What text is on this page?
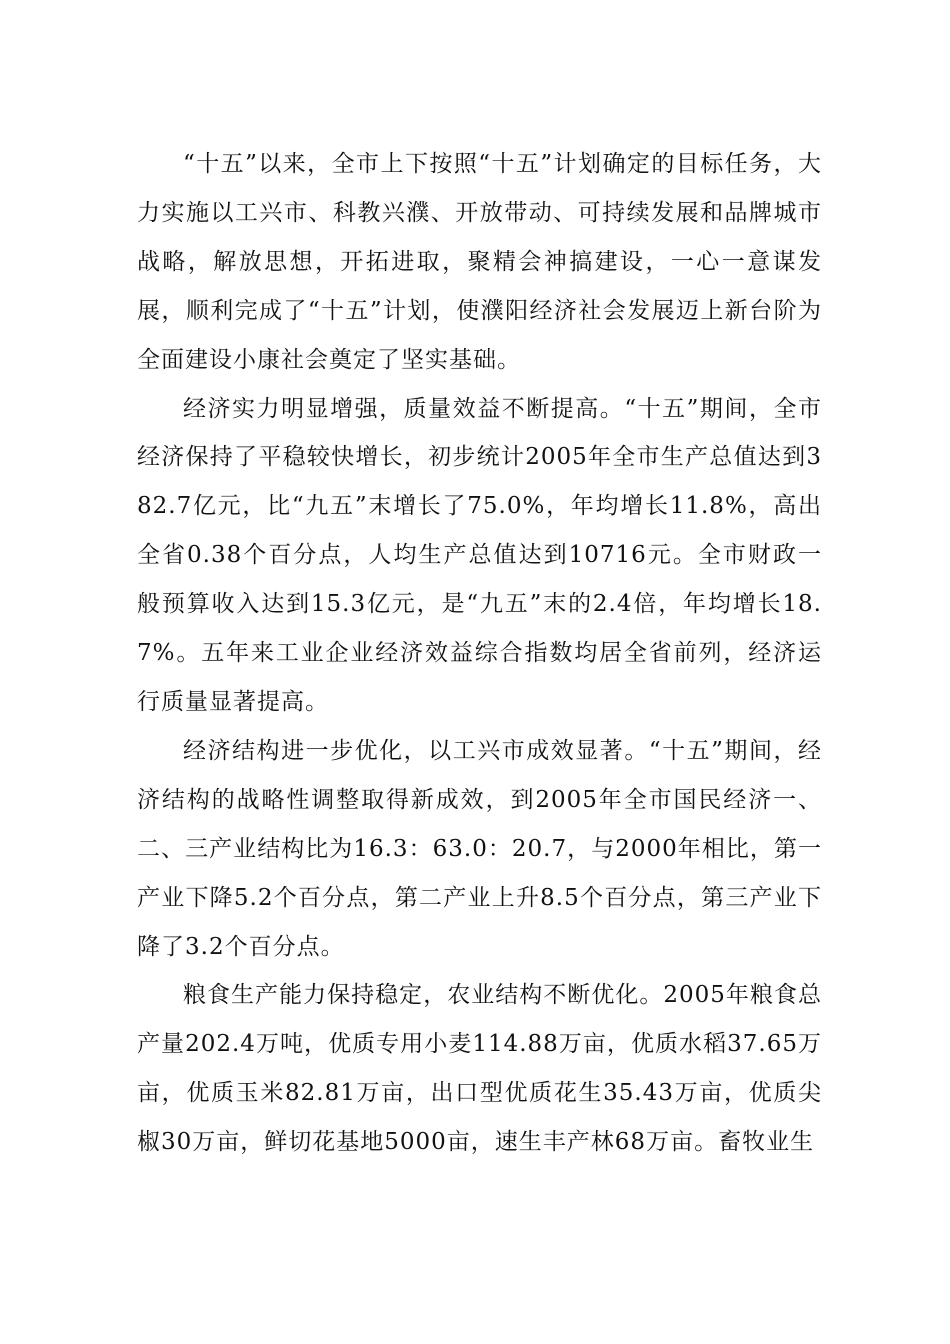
“十五”以来，全市上下按照“十五”计划确定的目标任务，大力实施以工兴市、科教兴濮、开放带动、可持续发展和品牌城市战略，解放思想，开拓进取，聚精会神搞建设，一心一意谋发展，顺利完成了“十五”计划，使濮阳经济社会发展迈上新台阶为全面建设小康社会奠定了坚实基础。

经济实力明显增强，质量效益不断提高。“十五”期间，全市经济保持了平稳较快增长，初步统计2005年全市生产总值达到382.7亿元，比“九五”末增长了75.0%，年均增长11.8%，高出全省0.38个百分点，人均生产总值达到10716元。全市财政一般预算收入达到15.3亿元，是“九五”末的2.4倍，年均增长18.7%。五年来工业企业经济效益综合指数均居全省前列，经济运行质量显著提高。

经济结构进一步优化，以工兴市成效显著。“十五”期间，经济结构的战略性调整取得新成效，到2005年全市国民经济一、二、三产业结构比为16.3：63.0：20.7，与2000年相比，第一产业下降5.2个百分点，第二产业上升8.5个百分点，第三产业下降了3.2个百分点。

粮食生产能力保持稳定，农业结构不断优化。2005年粮食总产量202.4万吨，优质专用小麦114.88万亩，优质水稻37.65万亩，优质玉米82.81万亩，出口型优质花生35.43万亩，优质尖椒30万亩，鲜切花基地5000亩，速生丰产林68万亩。畜牧业生
